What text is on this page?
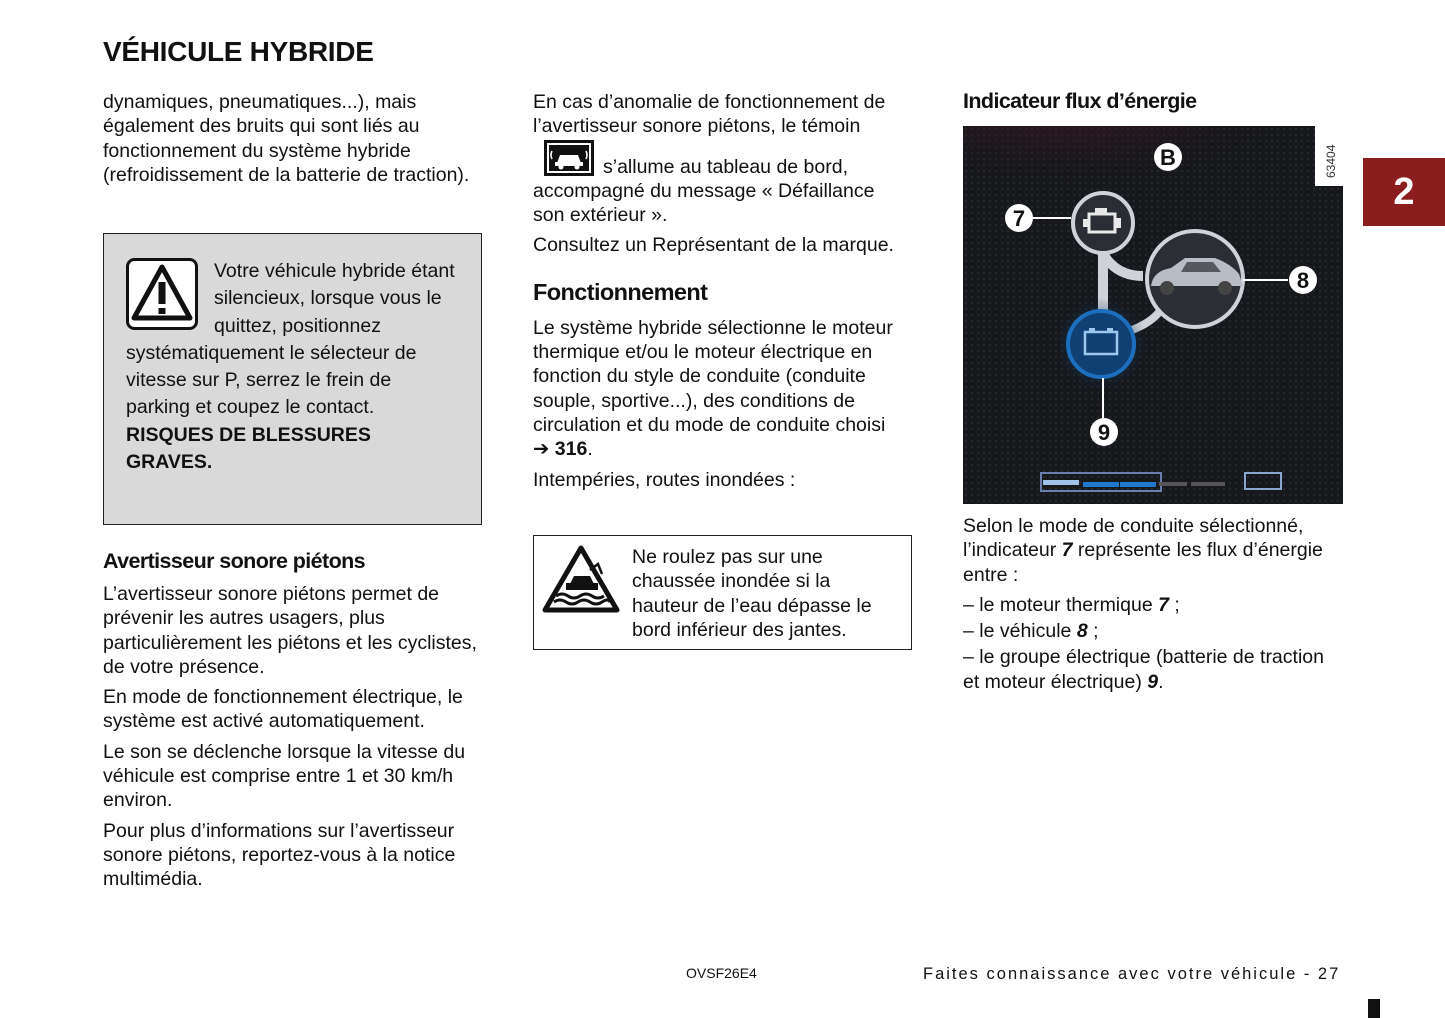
VÉHICULE HYBRIDE

dynamiques, pneumatiques...), mais également des bruits qui sont liés au fonctionnement du système hybride (refroidissement de la batterie de traction).

Votre véhicule hybride étant silencieux, lorsque vous le quittez, positionnez systématiquement le sélecteur de vitesse sur P, serrez le frein de parking et coupez le contact.
RISQUES DE BLESSURES GRAVES.
Avertisseur sonore piétons

L’avertisseur sonore piétons permet de prévenir les autres usagers, plus particulièrement les piétons et les cyclistes, de votre présence.

En mode de fonctionnement électrique, le système est activé automatiquement.

Le son se déclenche lorsque la vitesse du véhicule est comprise entre 1 et 30 km/h environ.

Pour plus d’informations sur l’avertisseur sonore piétons, reportez-vous à la notice multimédia.

En cas d’anomalie de fonctionnement de l’avertisseur sonore piétons, le témoins’allume au tableau de bord, accompagné du message « Défaillance son extérieur ».

Consultez un Représentant de la marque.

Fonctionnement

Le système hybride sélectionne le moteur thermique et/ou le moteur électrique en fonction du style de conduite (conduite souple, sportive...), des conditions de circulation et du mode de conduite choisi ➔ 316.

Intempéries, routes inondées :

Ne roulez pas sur une chaussée inondée si la hauteur de l’eau dépasse le bord inférieur des jantes.
Indicateur flux d’énergie
63404
B
7
8
9

Selon le mode de conduite sélectionné, l’indicateur 7 représente les flux d’énergie entre :

– le moteur thermique 7 ;
– le véhicule 8 ;
– le groupe électrique (batterie de traction et moteur électrique) 9.
2
OVSF26E4	Faites connaissance avec votre véhicule - 27
